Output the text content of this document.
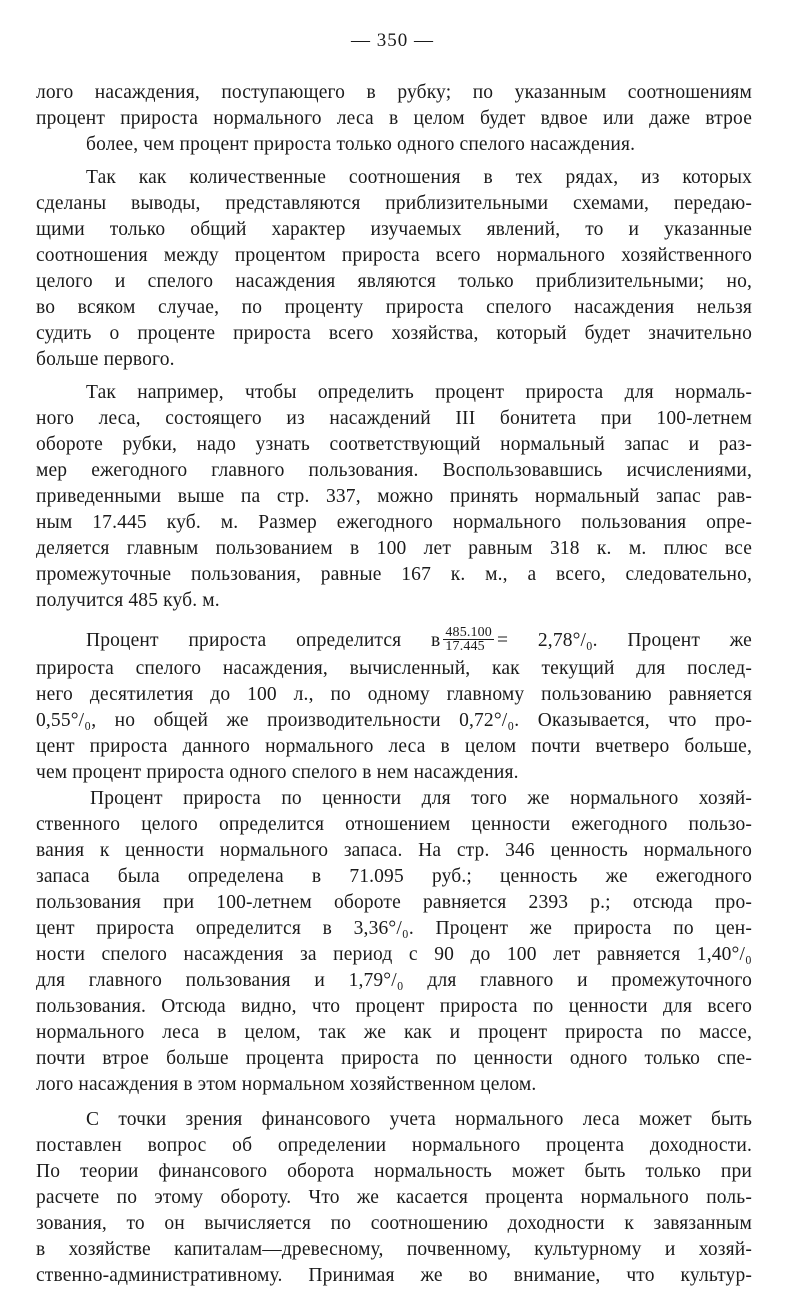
— 350 —
лого насаждения, поступающего в рубку; по указанным соотношениям
процент прироста нормального леса в целом будет вдвое или даже втрое
более, чем процент прироста только одного спелого насаждения.
Так как количественные соотношения в тех рядах, из которых
сделаны выводы, представляются приблизительными схемами, передаю-
щими только общий характер изучаемых явлений, то и указанные
соотношения между процентом прироста всего нормального хозяйственного
целого и спелого насаждения являются только приблизительными; но,
во всяком случае, по проценту прироста спелого насаждения нельзя
судить о проценте прироста всего хозяйства, который будет значительно
больше первого.
Так например, чтобы определить процент прироста для нормаль-
ного леса, состоящего из насаждений III бонитета при 100-летнем
обороте рубки, надо узнать соответствующий нормальный запас и раз-
мер ежегодного главного пользования. Воспользовавшись исчислениями,
приведенными выше па стр. 337, можно принять нормальный запас рав-
ным 17.445 куб. м. Размер ежегодного нормального пользования опре-
деляется главным пользованием в 100 лет равным 318 к. м. плюс все
промежуточные пользования, равные 167 к. м., а всего, следовательно,
получится 485 куб. м.
Процент прироста определится в $\frac{485.100}{17.445} = 2,78^\circ/_0$. Процент же
прироста спелого насаждения, вычисленный, как текущий для послед-
него десятилетия до 100 л., по одному главному пользованию равняется
0,55°/₀, но общей же производительности 0,72°/₀. Оказывается, что про-
цент прироста данного нормального леса в целом почти вчетверо больше,
чем процент прироста одного спелого в нем насаждения.
Процент прироста по ценности для того же нормального хозяй-
ственного целого определится отношением ценности ежегодного пользо-
вания к ценности нормального запаса. На стр. 346 ценность нормального
запаса была определена в 71.095 руб.; ценность же ежегодного
пользования при 100-летнем обороте равняется 2393 р.; отсюда про-
цент прироста определится в 3,36°/₀. Процент же прироста по цен-
ности спелого насаждения за период с 90 до 100 лет равняется 1,40°/₀
для главного пользования и 1,79°/₀ для главного и промежуточного
пользования. Отсюда видно, что процент прироста по ценности для всего
нормального леса в целом, так же как и процент прироста по массе,
почти втрое больше процента прироста по ценности одного только спе-
лого насаждения в этом нормальном хозяйственном целом.
С точки зрения финансового учета нормального леса может быть
поставлен вопрос об определении нормального процента доходности.
По теории финансового оборота нормальность может быть только при
расчете по этому обороту. Что же касается процента нормального поль-
зования, то он вычисляется по соотношению доходности к завязанным
в хозяйстве капиталам—древесному, почвенному, культурному и хозяй-
ственно-административному. Принимая же во внимание, что культур-
